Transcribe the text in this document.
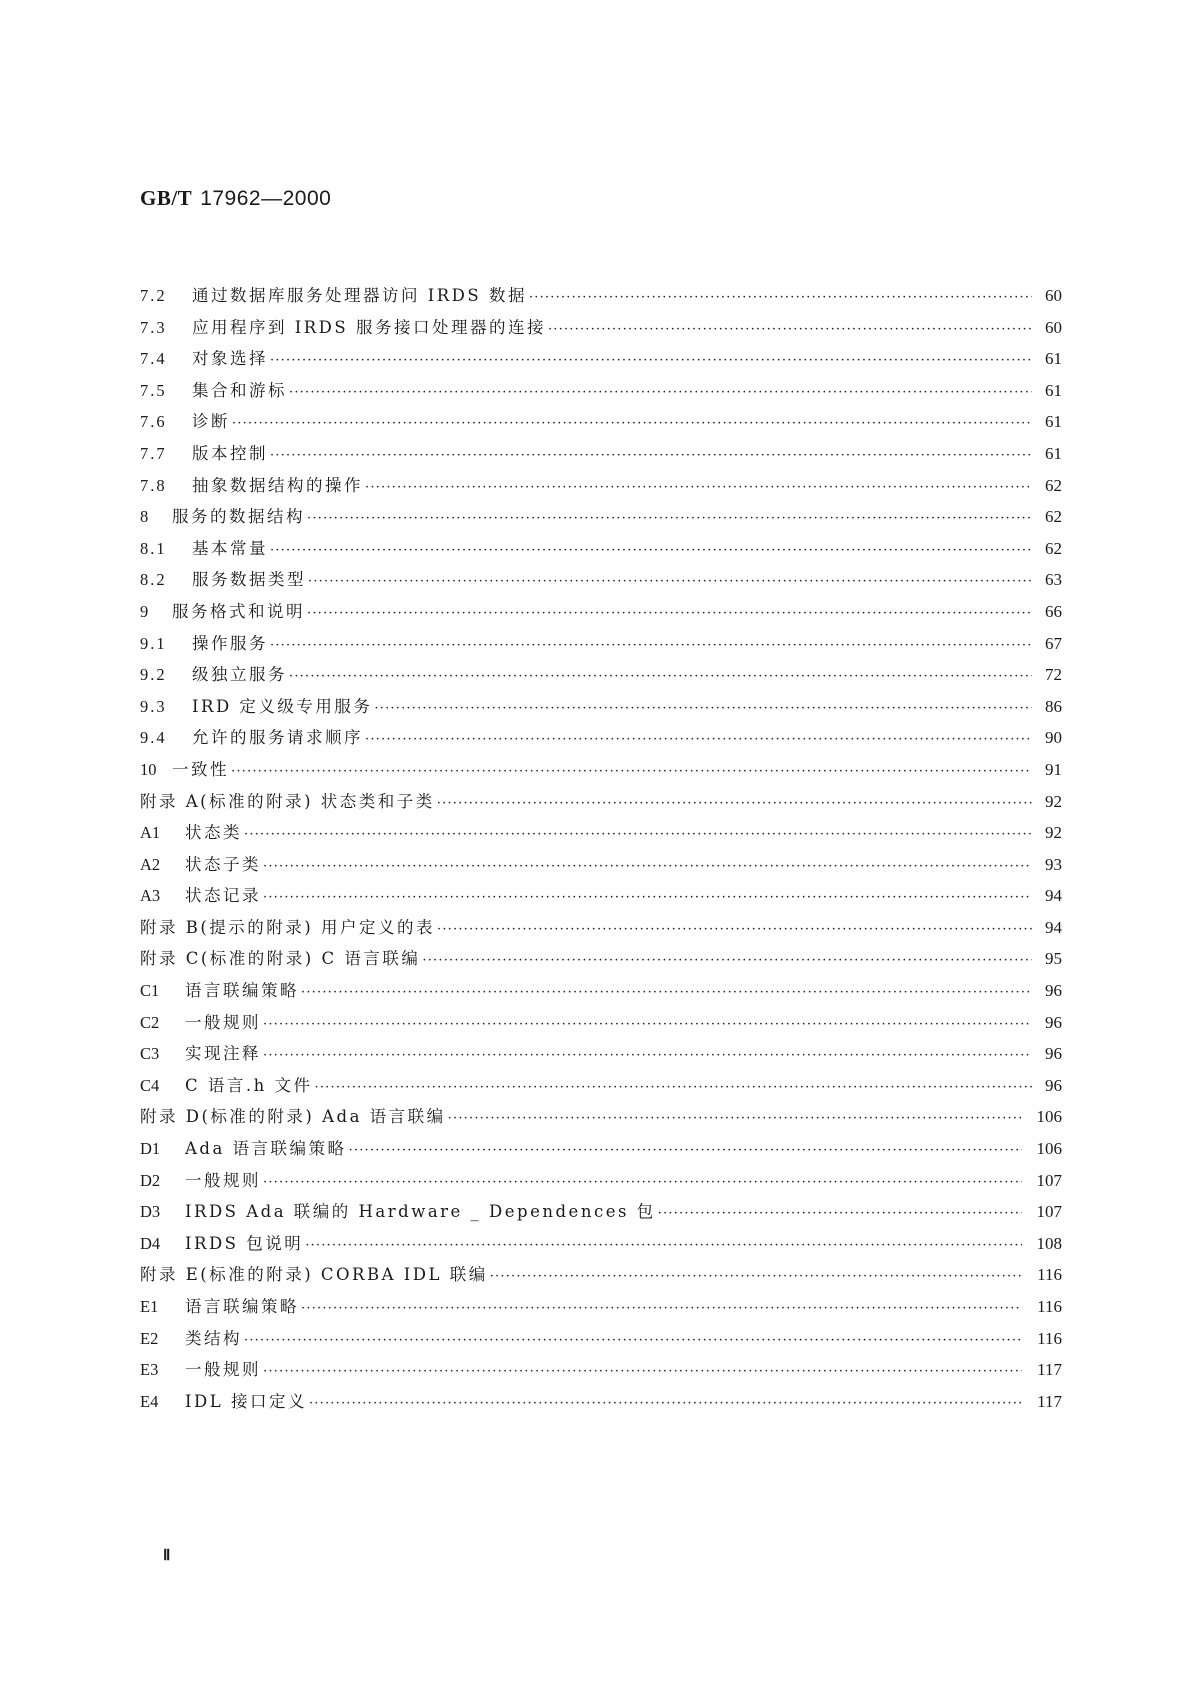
GB/T 17962—2000
7.2	通过数据库服务处理器访问 IRDS 数据 ·····	60
7.3	应用程序到 IRDS 服务接口处理器的连接 ·····	60
7.4	对象选择 ·····	61
7.5	集合和游标 ·····	61
7.6	诊断 ·····	61
7.7	版本控制 ·····	61
7.8	抽象数据结构的操作 ·····	62
8	服务的数据结构 ·····	62
8.1	基本常量 ·····	62
8.2	服务数据类型 ·····	63
9	服务格式和说明 ·····	66
9.1	操作服务 ·····	67
9.2	级独立服务 ·····	72
9.3	IRD 定义级专用服务 ·····	86
9.4	允许的服务请求顺序 ·····	90
10 一致性 ·····	91
附录 A(标准的附录) 状态类和子类 ·····	92
A1	状态类 ·····	92
A2	状态子类 ·····	93
A3	状态记录 ·····	94
附录 B(提示的附录) 用户定义的表 ·····	94
附录 C(标准的附录) C 语言联编 ·····	95
C1	语言联编策略 ·····	96
C2	一般规则 ·····	96
C3	实现注释 ·····	96
C4	C 语言.h 文件 ·····	96
附录 D(标准的附录) Ada 语言联编 ·····	106
D1	Ada 语言联编策略 ·····	106
D2	一般规则 ·····	107
D3	IRDS Ada 联编的 Hardware _ Dependences 包 ·····	107
D4	IRDS 包说明 ·····	108
附录 E(标准的附录) CORBA IDL 联编 ·····	116
E1	语言联编策略 ·····	116
E2	类结构 ·····	116
E3	一般规则 ·····	117
E4	IDL 接口定义 ·····	117
Ⅱ
